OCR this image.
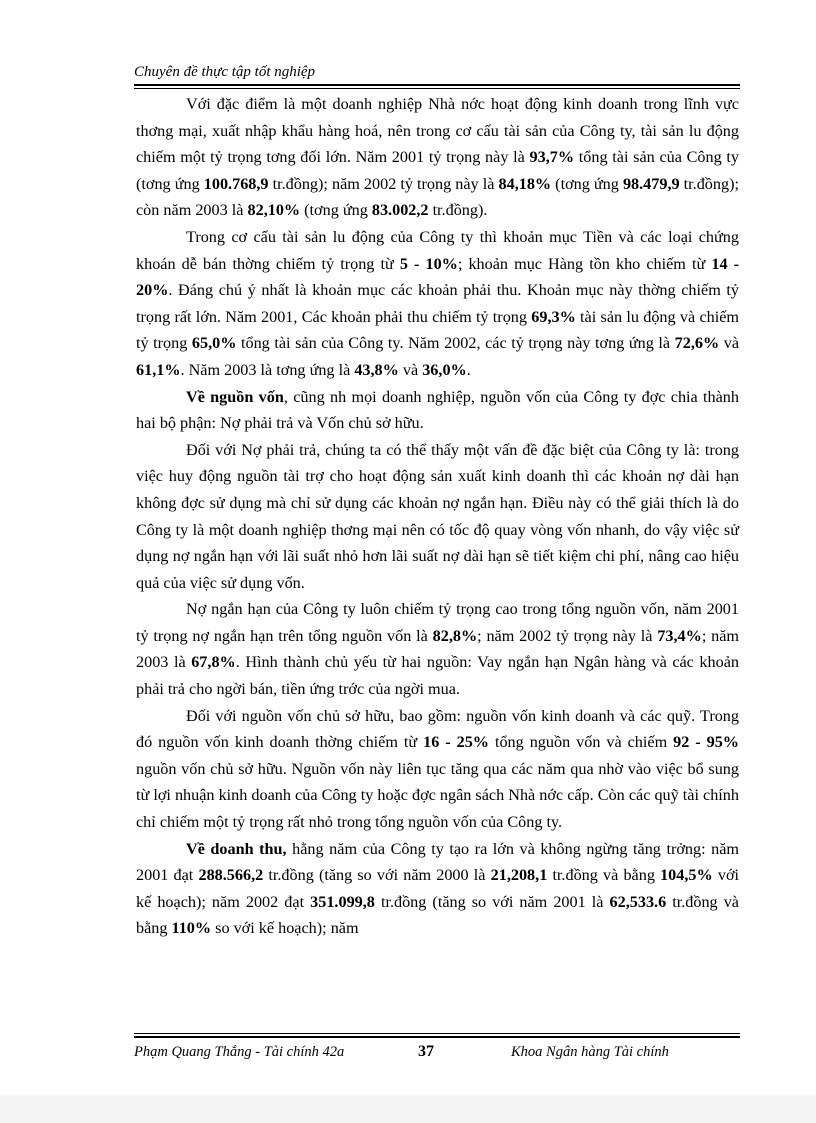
Chuyên đề thực tập tốt nghiệp

Với đặc điểm là một doanh nghiệp Nhà nớc hoạt động kinh doanh trong lĩnh vực thơng mại, xuất nhập khẩu hàng hoá, nên trong cơ cấu tài sản của Công ty, tài sản lu động chiếm một tỷ trọng tơng đối lớn. Năm 2001 tỷ trọng này là 93,7% tổng tài sản của Công ty (tơng ứng 100.768,9 tr.đồng); năm 2002 tỷ trọng này là 84,18% (tơng ứng 98.479,9 tr.đồng); còn năm 2003 là 82,10% (tơng ứng 83.002,2 tr.đồng).

Trong cơ cấu tài sản lu động của Công ty thì khoản mục Tiền và các loại chứng khoán dễ bán thờng chiếm tỷ trọng từ 5 - 10%; khoản mục Hàng tồn kho chiếm từ 14 - 20%. Đáng chú ý nhất là khoản mục các khoản phải thu. Khoản mục này thờng chiếm tỷ trọng rất lớn. Năm 2001, Các khoản phải thu chiếm tỷ trọng 69,3% tài sản lu động và chiếm tỷ trọng 65,0% tổng tài sản của Công ty. Năm 2002, các tỷ trọng này tơng ứng là 72,6% và 61,1%. Năm 2003 là tơng ứng là 43,8% và 36,0%.

Về nguồn vốn, cũng nh mọi doanh nghiệp, nguồn vốn của Công ty đợc chia thành hai bộ phận: Nợ phải trả và Vốn chủ sở hữu.

Đối với Nợ phải trả, chúng ta có thể thấy một vấn đề đặc biệt của Công ty là: trong việc huy động nguồn tài trợ cho hoạt động sản xuất kinh doanh thì các khoản nợ dài hạn không đợc sử dụng mà chỉ sử dụng các khoản nợ ngắn hạn. Điều này có thể giải thích là do Công ty là một doanh nghiệp thơng mại nên có tốc độ quay vòng vốn nhanh, do vậy việc sử dụng nợ ngắn hạn với lãi suất nhỏ hơn lãi suất nợ dài hạn sẽ tiết kiệm chi phí, nâng cao hiệu quả của việc sử dụng vốn.

Nợ ngắn hạn của Công ty luôn chiếm tỷ trọng cao trong tổng nguồn vốn, năm 2001 tỷ trọng nợ ngắn hạn trên tổng nguồn vốn là 82,8%; năm 2002 tỷ trọng này là 73,4%; năm 2003 là 67,8%. Hình thành chủ yếu từ hai nguồn: Vay ngắn hạn Ngân hàng và các khoản phải trả cho ngời bán, tiền ứng trớc của ngời mua.

Đối với nguồn vốn chủ sở hữu, bao gồm: nguồn vốn kinh doanh và các quỹ. Trong đó nguồn vốn kinh doanh thờng chiếm từ 16 - 25% tổng nguồn vốn và chiếm 92 - 95% nguồn vốn chủ sở hữu. Nguồn vốn này liên tục tăng qua các năm qua nhờ vào việc bổ sung từ lợi nhuận kinh doanh của Công ty hoặc đợc ngân sách Nhà nớc cấp. Còn các quỹ tài chính chỉ chiếm một tỷ trọng rất nhỏ trong tổng nguồn vốn của Công ty.

Về doanh thu, hằng năm của Công ty tạo ra lớn và không ngừng tăng trởng: năm 2001 đạt 288.566,2 tr.đồng (tăng so với năm 2000 là 21,208,1 tr.đồng và bằng 104,5% với kế hoạch); năm 2002 đạt 351.099,8 tr.đồng (tăng so với năm 2001 là 62,533.6 tr.đồng và bằng 110% so với kế hoạch); năm

Phạm Quang Thắng - Tài chính 42a	37	Khoa Ngân hàng Tài chính
